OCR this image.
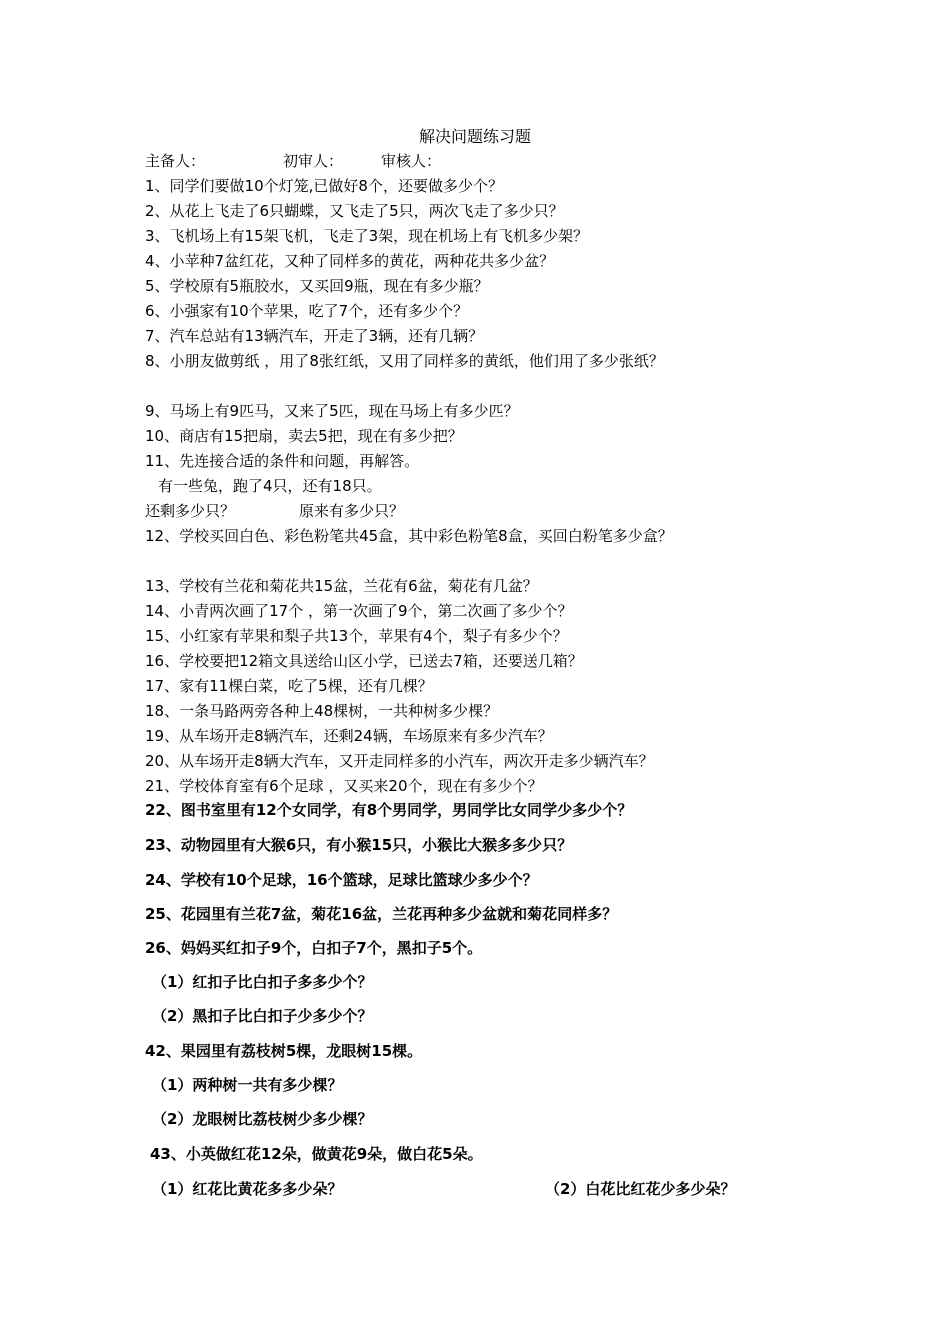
解决问题练习题
主备人：	初审人：	审核人：
1、同学们要做10个灯笼,已做好8个，还要做多少个？
2、从花上飞走了6只蝴蝶，又飞走了5只，两次飞走了多少只？
3、飞机场上有15架飞机，飞走了3架，现在机场上有飞机多少架？
4、小苹种7盆红花，又种了同样多的黄花，两种花共多少盆？
5、学校原有5瓶胶水，又买回9瓶，现在有多少瓶？
6、小强家有10个苹果，吃了7个，还有多少个？
7、汽车总站有13辆汽车，开走了3辆，还有几辆？
8、小朋友做剪纸 ，用了8张红纸，又用了同样多的黄纸，他们用了多少张纸？
9、马场上有9匹马，又来了5匹，现在马场上有多少匹？
10、商店有15把扇，卖去5把，现在有多少把？
11、先连接合适的条件和问题，再解答。
有一些兔，跑了4只，还有18只。
还剩多少只？	原来有多少只？
12、学校买回白色、彩色粉笔共45盒，其中彩色粉笔8盒，买回白粉笔多少盒？
13、学校有兰花和菊花共15盆，兰花有6盆，菊花有几盆？
14、小青两次画了17个 ，第一次画了9个，第二次画了多少个？
15、小红家有苹果和梨子共13个，苹果有4个，梨子有多少个？
16、学校要把12箱文具送给山区小学，已送去7箱，还要送几箱？
17、家有11棵白菜，吃了5棵，还有几棵？
18、一条马路两旁各种上48棵树，一共种树多少棵？
19、从车场开走8辆汽车，还剩24辆，车场原来有多少汽车？
20、从车场开走8辆大汽车，又开走同样多的小汽车，两次开走多少辆汽车？
21、学校体育室有6个足球 ，又买来20个，现在有多少个？
22、图书室里有12个女同学，有8个男同学，男同学比女同学少多少个？
23、动物园里有大猴6只，有小猴15只，小猴比大猴多多少只？
24、学校有10个足球，16个篮球，足球比篮球少多少个？
25、花园里有兰花7盆，菊花16盆，兰花再种多少盆就和菊花同样多？
26、妈妈买红扣子9个，白扣子7个，黑扣子5个。
（1）红扣子比白扣子多多少个？
（2）黑扣子比白扣子少多少个？
42、果园里有荔枝树5棵，龙眼树15棵。
（1）两种树一共有多少棵？
（2）龙眼树比荔枝树少多少棵？
43、小英做红花12朵，做黄花9朵，做白花5朵。
（1）红花比黄花多多少朵？	（2）白花比红花少多少朵？
